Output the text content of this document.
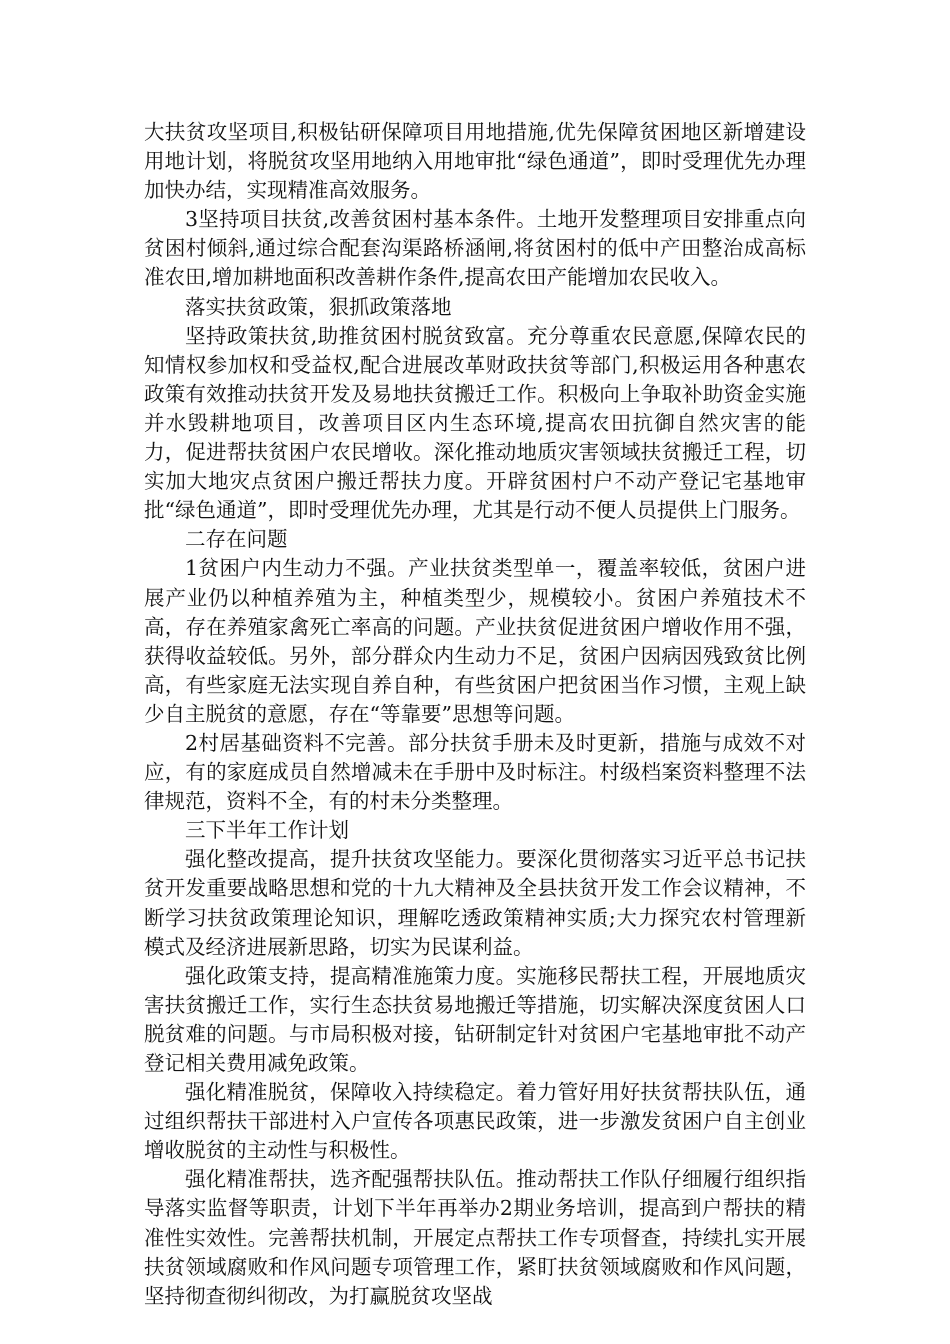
大扶贫攻坚项目,积极钻研保障项目用地措施,优先保障贫困地区新增建设用地计划，将脱贫攻坚用地纳入用地审批“绿色通道”，即时受理优先办理加快办结，实现精准高效服务。

3坚持项目扶贫,改善贫困村基本条件。土地开发整理项目安排重点向贫困村倾斜,通过综合配套沟渠路桥涵闸,将贫困村的低中产田整治成高标准农田,增加耕地面积改善耕作条件,提高农田产能增加农民收入。

落实扶贫政策，狠抓政策落地

坚持政策扶贫,助推贫困村脱贫致富。充分尊重农民意愿,保障农民的知情权参加权和受益权,配合进展改革财政扶贫等部门,积极运用各种惠农政策有效推动扶贫开发及易地扶贫搬迁工作。积极向上争取补助资金实施并水毁耕地项目，改善项目区内生态环境,提高农田抗御自然灾害的能力，促进帮扶贫困户农民增收。深化推动地质灾害领域扶贫搬迁工程，切实加大地灾点贫困户搬迁帮扶力度。开辟贫困村户不动产登记宅基地审批“绿色通道”，即时受理优先办理，尤其是行动不便人员提供上门服务。

二存在问题

1贫困户内生动力不强。产业扶贫类型单一，覆盖率较低，贫困户进展产业仍以种植养殖为主，种植类型少，规模较小。贫困户养殖技术不高，存在养殖家禽死亡率高的问题。产业扶贫促进贫困户增收作用不强，获得收益较低。另外，部分群众内生动力不足，贫困户因病因残致贫比例高，有些家庭无法实现自养自种，有些贫困户把贫困当作习惯，主观上缺少自主脱贫的意愿，存在“等靠要”思想等问题。

2村居基础资料不完善。部分扶贫手册未及时更新，措施与成效不对应，有的家庭成员自然增减未在手册中及时标注。村级档案资料整理不法律规范，资料不全，有的村未分类整理。

三下半年工作计划

强化整改提高，提升扶贫攻坚能力。要深化贯彻落实习近平总书记扶贫开发重要战略思想和党的十九大精神及全县扶贫开发工作会议精神，不断学习扶贫政策理论知识，理解吃透政策精神实质;大力探究农村管理新模式及经济进展新思路，切实为民谋利益。

强化政策支持，提高精准施策力度。实施移民帮扶工程，开展地质灾害扶贫搬迁工作，实行生态扶贫易地搬迁等措施，切实解决深度贫困人口脱贫难的问题。与市局积极对接，钻研制定针对贫困户宅基地审批不动产登记相关费用减免政策。

强化精准脱贫，保障收入持续稳定。着力管好用好扶贫帮扶队伍，通过组织帮扶干部进村入户宣传各项惠民政策，进一步激发贫困户自主创业增收脱贫的主动性与积极性。

强化精准帮扶，选齐配强帮扶队伍。推动帮扶工作队仔细履行组织指导落实监督等职责，计划下半年再举办2期业务培训，提高到户帮扶的精准性实效性。完善帮扶机制，开展定点帮扶工作专项督查，持续扎实开展扶贫领域腐败和作风问题专项管理工作，紧盯扶贫领域腐败和作风问题，坚持彻查彻纠彻改，为打赢脱贫攻坚战
